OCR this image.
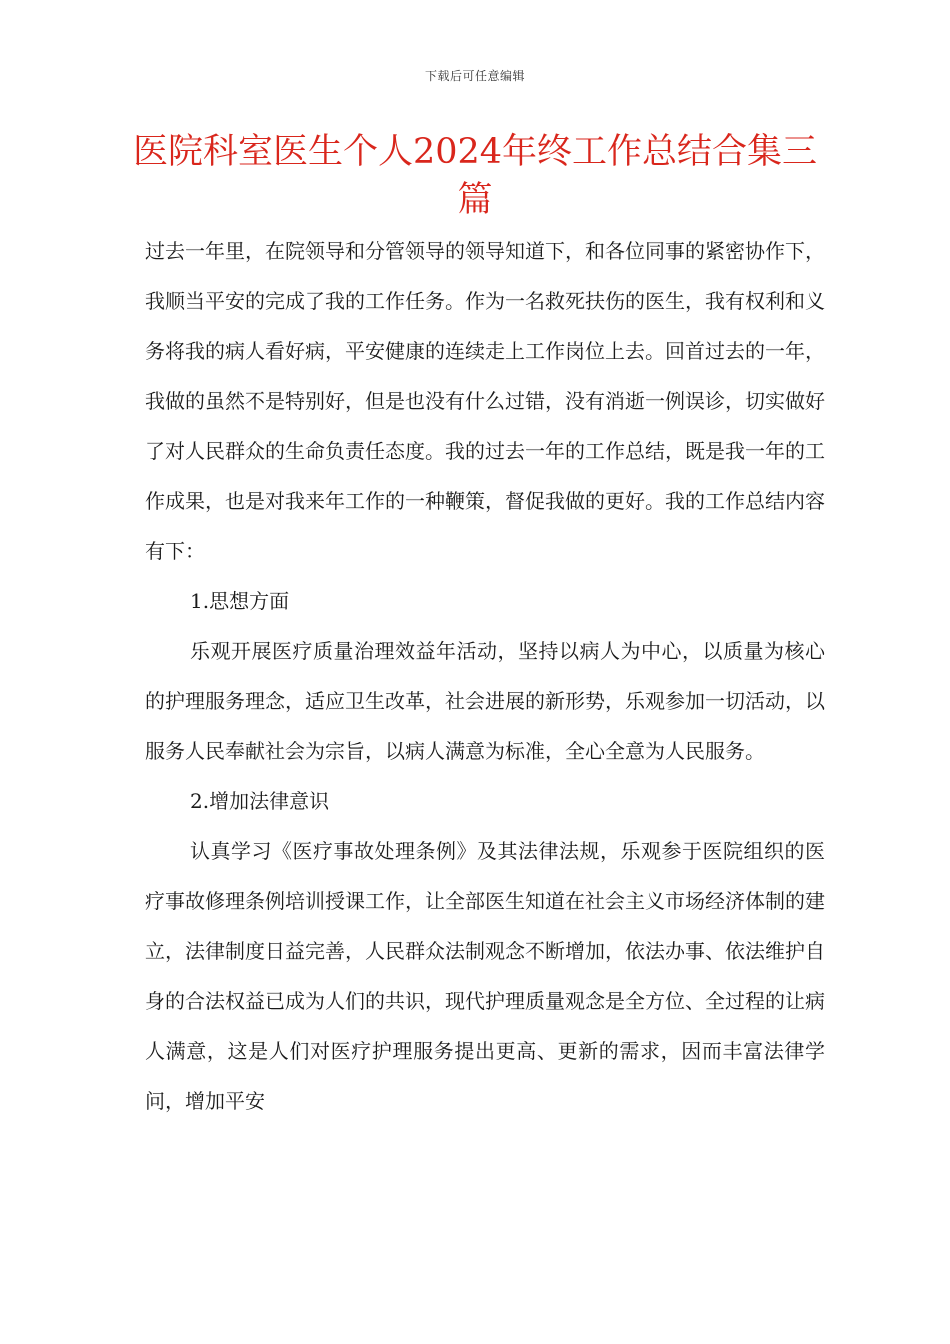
下载后可任意编辑
医院科室医生个人2024年终工作总结合集三篇

过去一年里，在院领导和分管领导的领导知道下，和各位同事的紧密协作下，我顺当平安的完成了我的工作任务。作为一名救死扶伤的医生，我有权利和义务将我的病人看好病，平安健康的连续走上工作岗位上去。回首过去的一年，我做的虽然不是特别好，但是也没有什么过错，没有消逝一例误诊，切实做好了对人民群众的生命负责任态度。我的过去一年的工作总结，既是我一年的工作成果，也是对我来年工作的一种鞭策，督促我做的更好。我的工作总结内容有下：

1.思想方面

乐观开展医疗质量治理效益年活动，坚持以病人为中心，以质量为核心的护理服务理念，适应卫生改革，社会进展的新形势，乐观参加一切活动，以服务人民奉献社会为宗旨，以病人满意为标准，全心全意为人民服务。

2.增加法律意识

认真学习《医疗事故处理条例》及其法律法规，乐观参于医院组织的医疗事故修理条例培训授课工作，让全部医生知道在社会主义市场经济体制的建立，法律制度日益完善，人民群众法制观念不断增加，依法办事、依法维护自身的合法权益已成为人们的共识，现代护理质量观念是全方位、全过程的让病人满意，这是人们对医疗护理服务提出更高、更新的需求，因而丰富法律学问，增加平安
